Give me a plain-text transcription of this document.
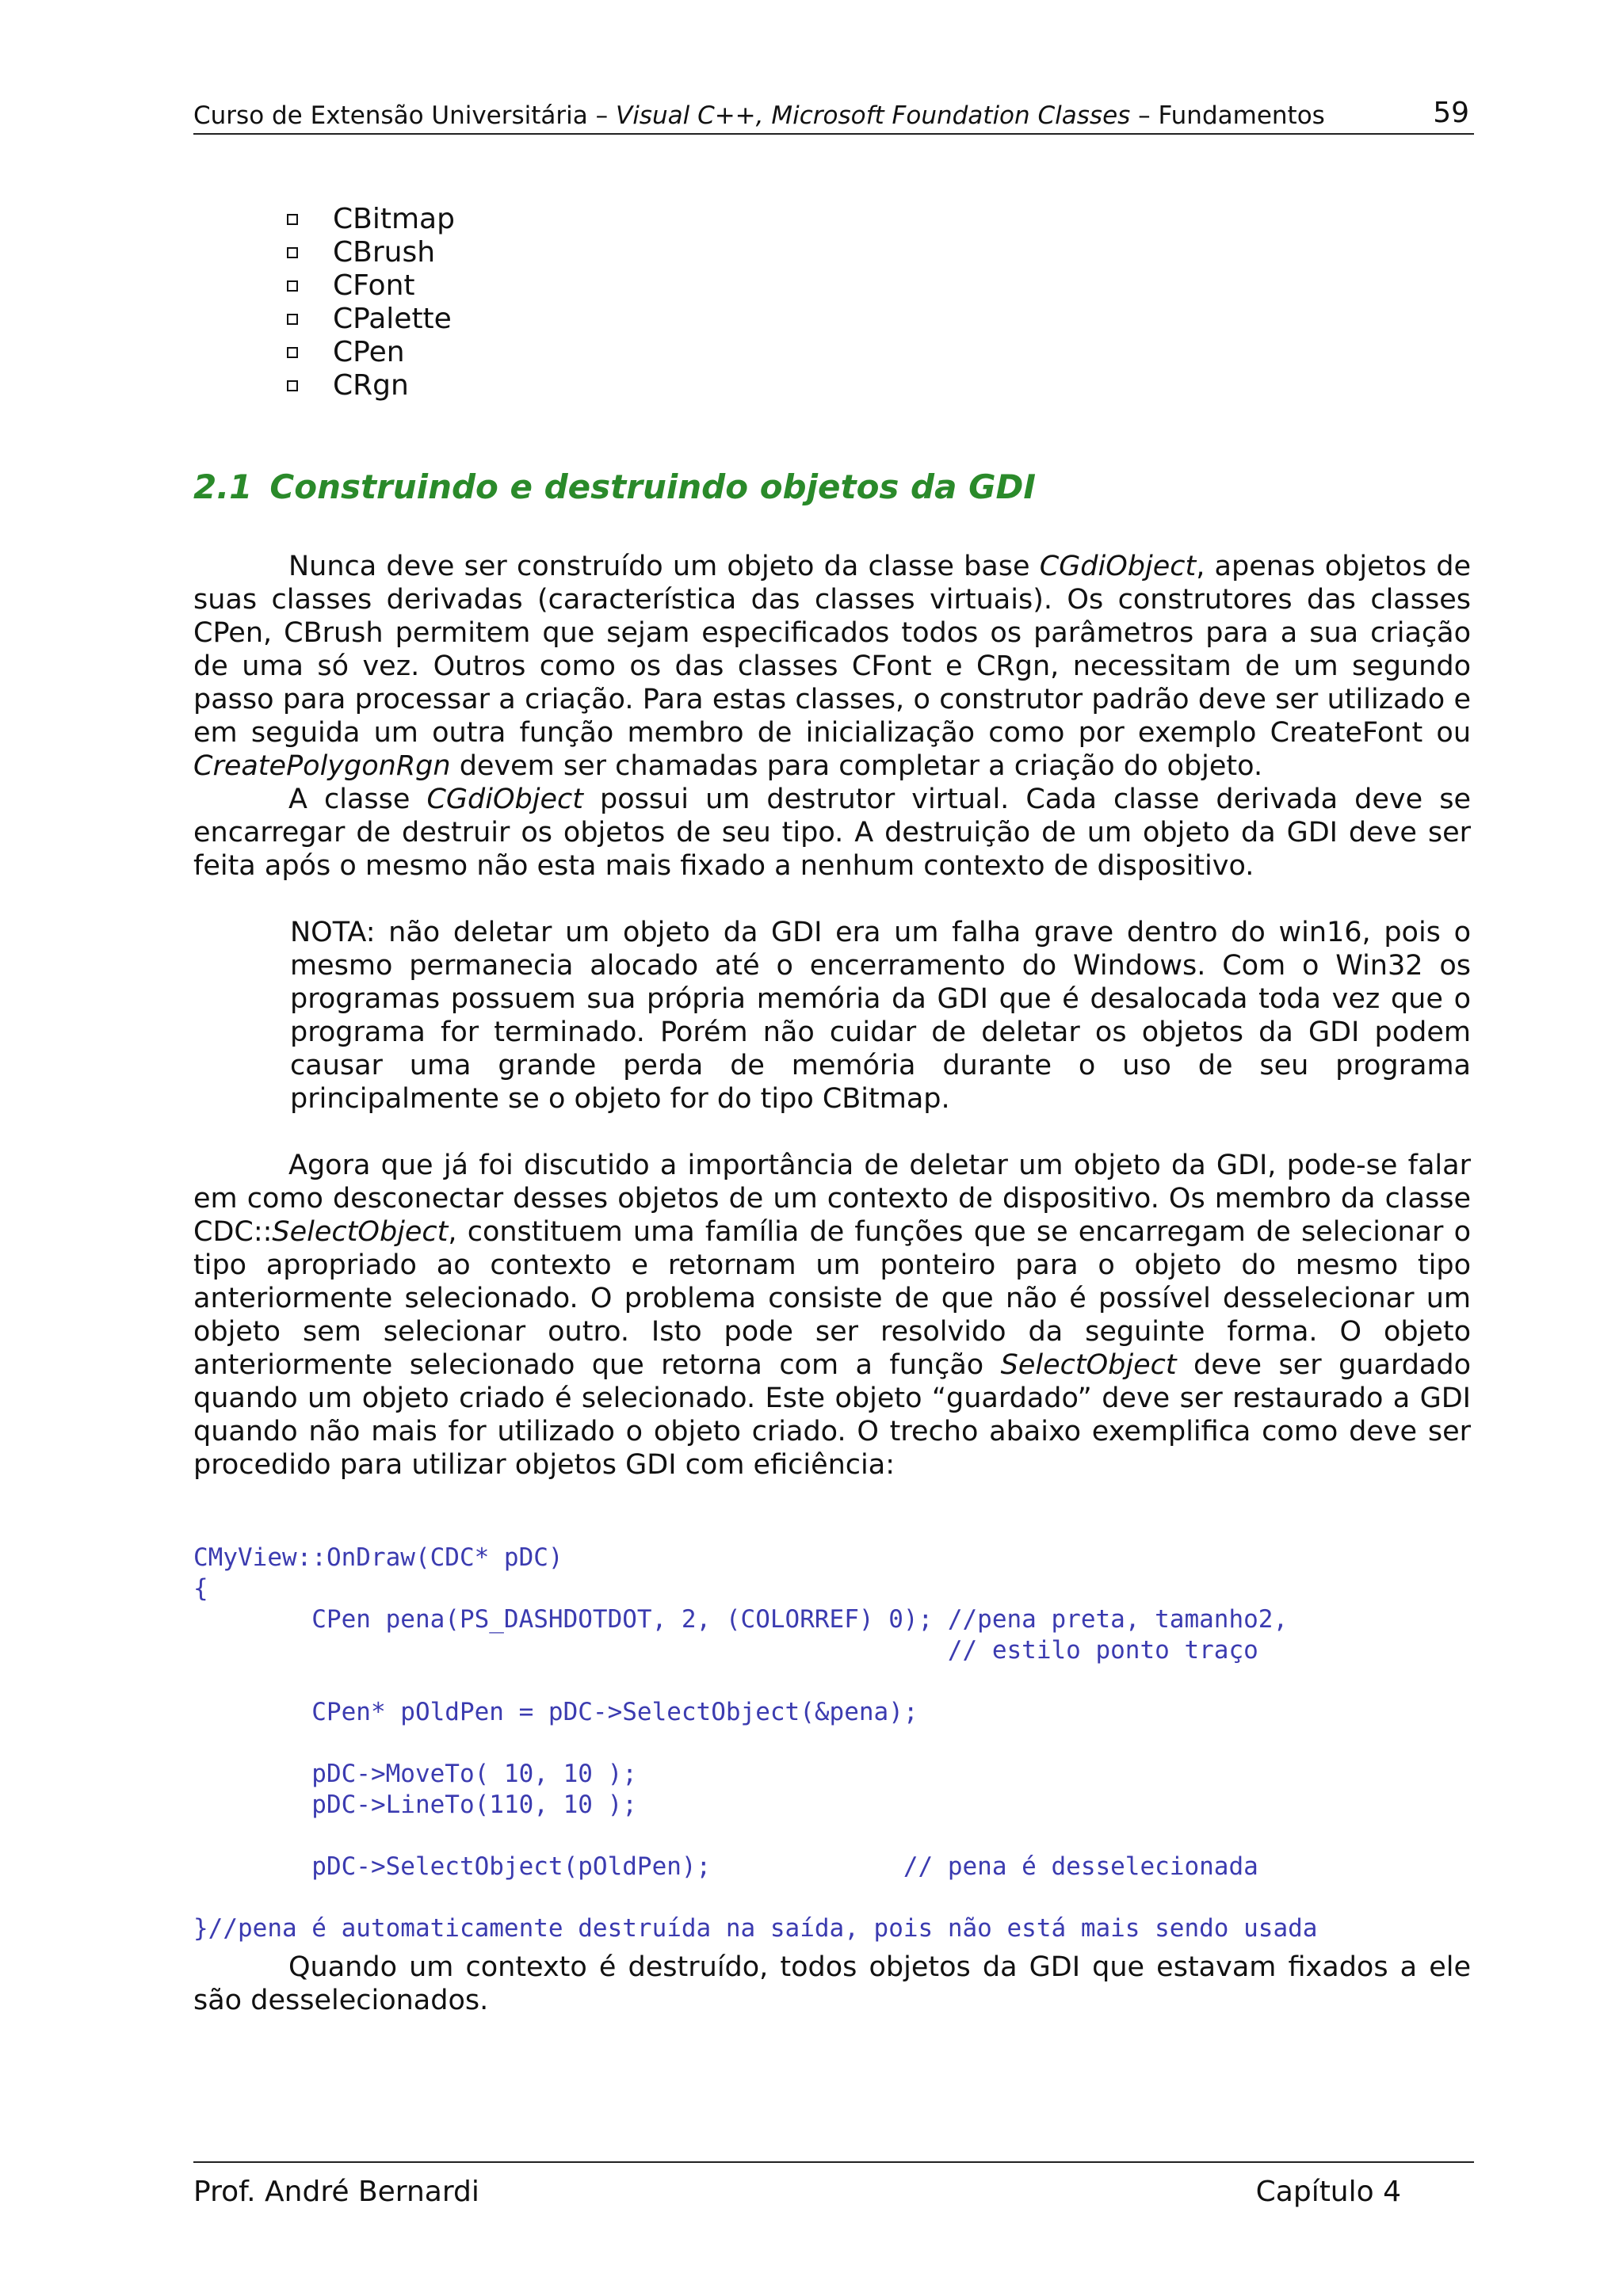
Curso de Extensão Universitária – Visual C++, Microsoft Foundation Classes – Fundamentos	59
CBitmap
CBrush
CFont
CPalette
CPen
CRgn
2.1 Construindo e destruindo objetos da GDI

Nunca deve ser construído um objeto da classe base CGdiObject, apenas objetos de suas classes derivadas (característica das classes virtuais). Os construtores das classes CPen, CBrush permitem que sejam especificados todos os parâmetros para a sua criação de uma só vez. Outros como os das classes CFont e CRgn, necessitam de um segundo passo para processar a criação. Para estas classes, o construtor padrão deve ser utilizado e em seguida um outra função membro de inicialização como por exemplo CreateFont ou CreatePolygonRgn devem ser chamadas para completar a criação do objeto.

A classe CGdiObject possui um destrutor virtual. Cada classe derivada deve se encarregar de destruir os objetos de seu tipo. A destruição de um objeto da GDI deve ser feita após o mesmo não esta mais fixado a nenhum contexto de dispositivo.

NOTA: não deletar um objeto da GDI era um falha grave dentro do win16, pois o mesmo permanecia alocado até o encerramento do Windows. Com o Win32 os programas possuem sua própria memória da GDI que é desalocada toda vez que o programa for terminado. Porém não cuidar de deletar os objetos da GDI podem causar uma grande perda de memória durante o uso de seu programa principalmente se o objeto for do tipo CBitmap.

Agora que já foi discutido a importância de deletar um objeto da GDI, pode-se falar em como desconectar desses objetos de um contexto de dispositivo. Os membro da classe CDC::SelectObject, constituem uma família de funções que se encarregam de selecionar o tipo apropriado ao contexto e retornam um ponteiro para o objeto do mesmo tipo anteriormente selecionado. O problema consiste de que não é possível desselecionar um objeto sem selecionar outro. Isto pode ser resolvido da seguinte forma. O objeto anteriormente selecionado que retorna com a função SelectObject deve ser guardado quando um objeto criado é selecionado. Este objeto “guardado” deve ser restaurado a GDI quando não mais for utilizado o objeto criado. O trecho abaixo exemplifica como deve ser procedido para utilizar objetos GDI com eficiência:

CMyView::OnDraw(CDC* pDC)
{
CPen pena(PS_DASHDOTDOT, 2, (COLORREF) 0); //pena preta, tamanho2,
// estilo ponto traço
CPen* pOldPen = pDC->SelectObject(&pena);
pDC->MoveTo( 10, 10 );
pDC->LineTo(110, 10 );
pDC->SelectObject(pOldPen);             // pena é desselecionada
}//pena é automaticamente destruída na saída, pois não está mais sendo usada

Quando um contexto é destruído, todos objetos da GDI que estavam fixados a ele são desselecionados.

Prof. André Bernardi	Capítulo 4
